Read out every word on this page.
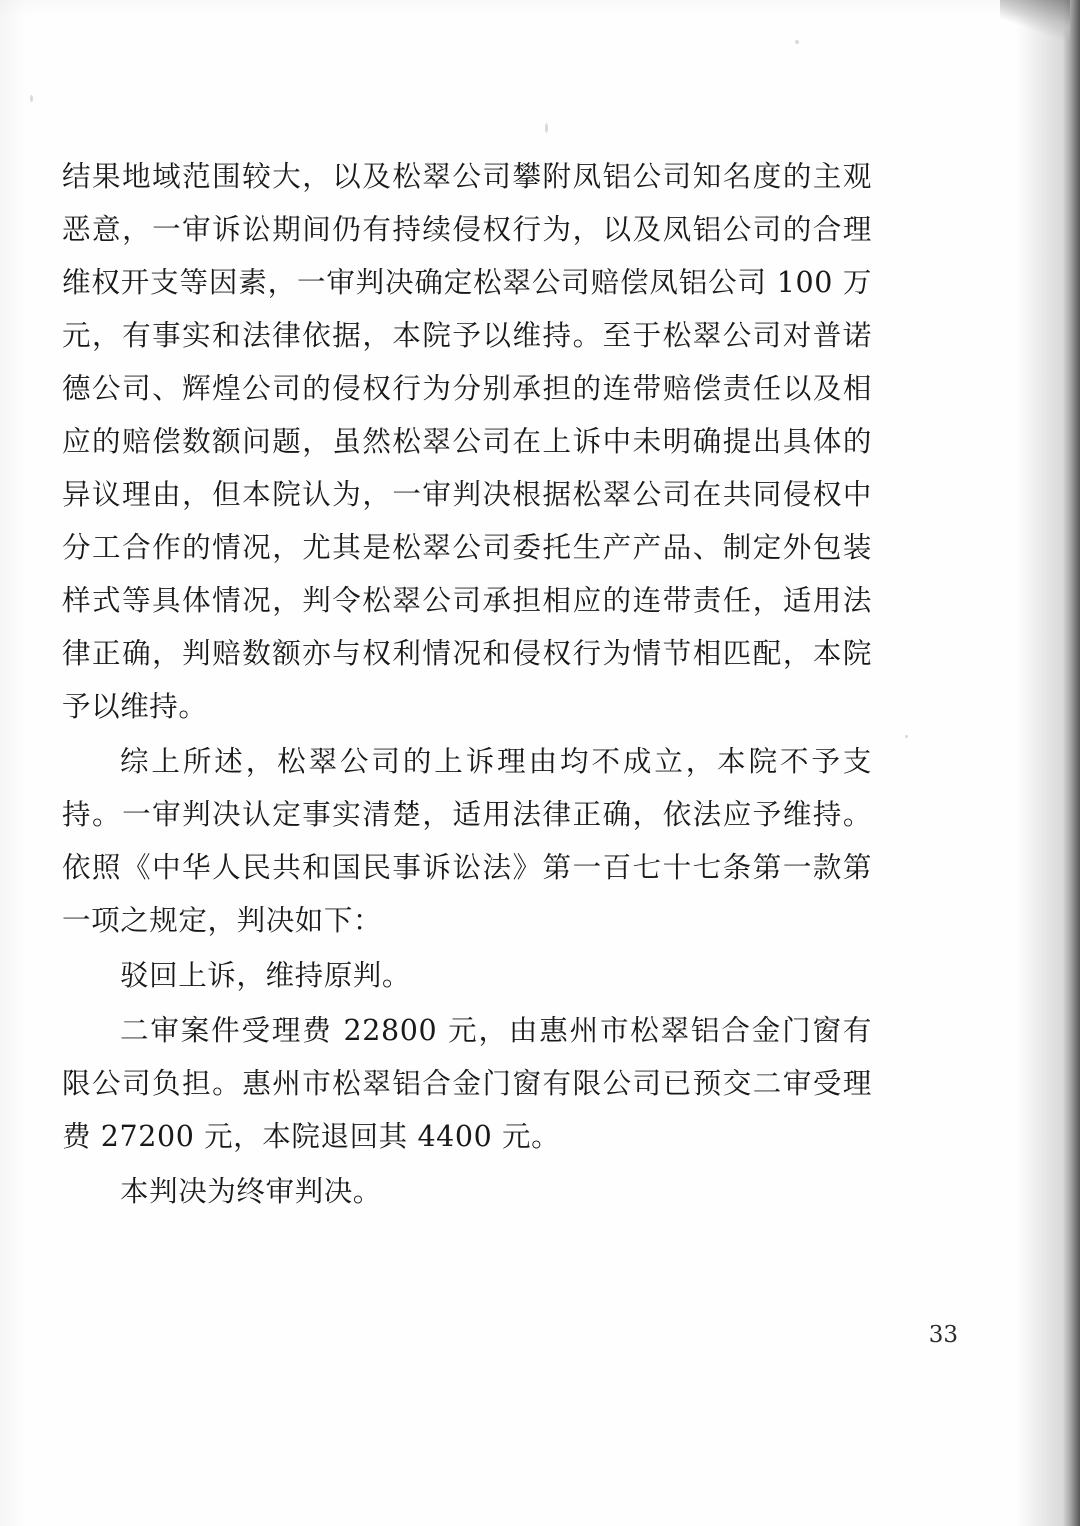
结果地域范围较大，以及松翠公司攀附凤铝公司知名度的主观恶意，一审诉讼期间仍有持续侵权行为，以及凤铝公司的合理维权开支等因素，一审判决确定松翠公司赔偿凤铝公司 100 万元，有事实和法律依据，本院予以维持。至于松翠公司对普诺德公司、辉煌公司的侵权行为分别承担的连带赔偿责任以及相应的赔偿数额问题，虽然松翠公司在上诉中未明确提出具体的异议理由，但本院认为，一审判决根据松翠公司在共同侵权中分工合作的情况，尤其是松翠公司委托生产产品、制定外包装样式等具体情况，判令松翠公司承担相应的连带责任，适用法律正确，判赔数额亦与权利情况和侵权行为情节相匹配，本院予以维持。

综上所述，松翠公司的上诉理由均不成立，本院不予支持。一审判决认定事实清楚，适用法律正确，依法应予维持。依照《中华人民共和国民事诉讼法》第一百七十七条第一款第一项之规定，判决如下：

驳回上诉，维持原判。

二审案件受理费 22800 元，由惠州市松翠铝合金门窗有限公司负担。惠州市松翠铝合金门窗有限公司已预交二审受理费 27200 元，本院退回其 4400 元。

本判决为终审判决。

33
